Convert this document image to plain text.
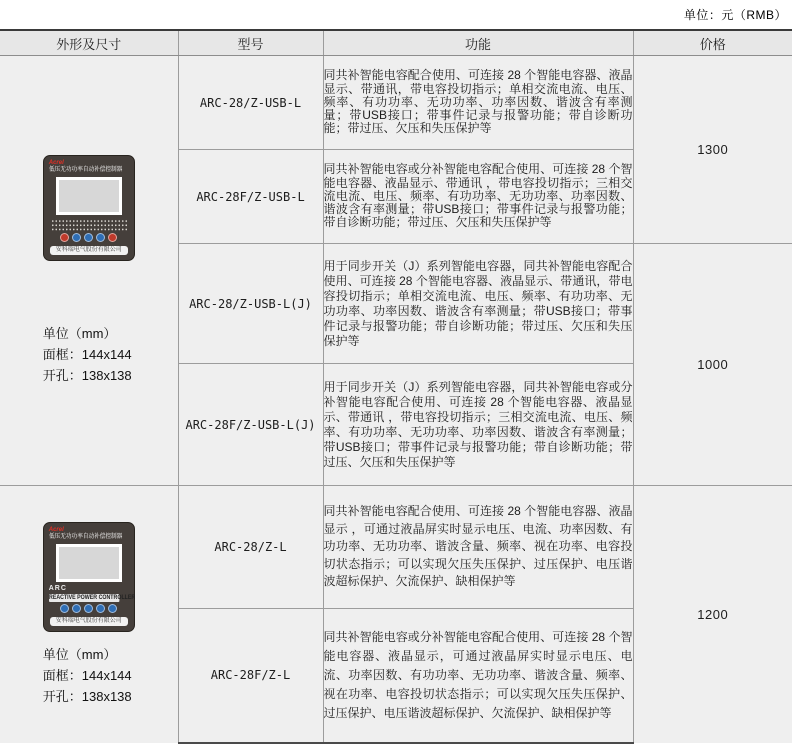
单位：元（RMB）
外形及尺寸	型号	功能	价格

Acrel
低压无功功率自动补偿控制器
安科瑞电气股份有限公司
单位（mm）
面框：144x144
开孔：138x138
	ARC-28/Z-USB-L	同共补智能电容配合使用、可连接 28 个智能电容器、液晶显示、带通讯，带电容投切指示；单相交流电流、电压、频率、有功功率、无功功率、功率因数、谐波含有率测量；带USB接口；带事件记录与报警功能；带自诊断功能；带过压、欠压和失压保护等	1300
	ARC-28F/Z-USB-L	同共补智能电容或分补智能电容配合使用、可连接 28 个智能电容器、液晶显示、带通讯 ，带电容投切指示；三相交流电流、电压、频率、有功功率、无功功率、功率因数、谐波含有率测量；带USB接口；带事件记录与报警功能；带自诊断功能；带过压、欠压和失压保护等	
	ARC-28/Z-USB-L(J)	用于同步开关（J）系列智能电容器，同共补智能电容配合使用、可连接 28 个智能电容器、液晶显示、带通讯，带电容投切指示；单相交流电流、电压、频率、有功功率、无功功率、功率因数、谐波含有率测量；带USB接口；带事件记录与报警功能；带自诊断功能；带过压、欠压和失压保护等	1000
	ARC-28F/Z-USB-L(J)	用于同步开关（J）系列智能电容器，同共补智能电容或分补智能电容配合使用、可连接 28 个智能电容器、液晶显示、带通讯 ，带电容投切指示；三相交流电流、电压、频率、有功功率、无功功率、功率因数、谐波含有率测量；带USB接口；带事件记录与报警功能；带自诊断功能；带过压、欠压和失压保护等	

Acrel
低压无功功率自动补偿控制器
ARC
REACTIVE POWER CONTROLLER
安科瑞电气股份有限公司
单位（mm）
面框：144x144
开孔：138x138
	ARC-28/Z-L	同共补智能电容配合使用、可连接 28 个智能电容器、液晶显示 ，可通过液晶屏实时显示电压、电流、功率因数、有功功率、无功功率、谐波含量、频率、视在功率、电容投切状态指示；可以实现欠压失压保护、过压保护、电压谐波超标保护、欠流保护、缺相保护等	1200
	ARC-28F/Z-L	同共补智能电容或分补智能电容配合使用、可连接 28 个智能电容器、液晶显示，可通过液晶屏实时显示电压、电流、功率因数、有功功率、无功功率、谐波含量、频率、视在功率、电容投切状态指示；可以实现欠压失压保护、过压保护、电压谐波超标保护、欠流保护、缺相保护等	
